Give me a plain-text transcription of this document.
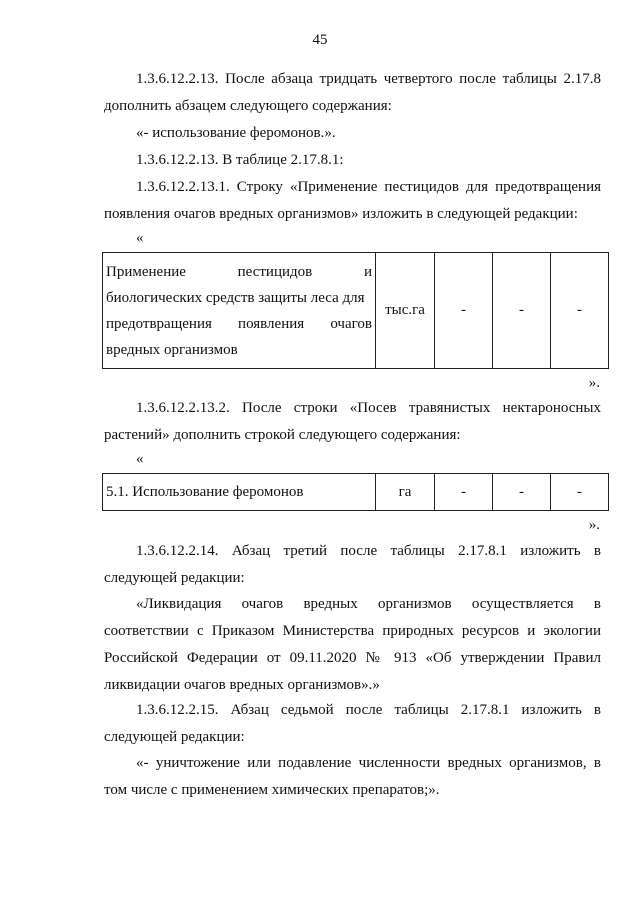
45
1.3.6.12.2.13. После абзаца тридцать четвертого после таблицы 2.17.8
дополнить абзацем следующего содержания:
«- использование феромонов.».
1.3.6.12.2.13. В таблице 2.17.8.1:
1.3.6.12.2.13.1. Строку «Применение пестицидов для предотвращения
появления очагов вредных организмов» изложить в следующей редакции:
«
Применение пестицидов и
биологических средств защиты леса для
предотвращения появления очагов
вредных организмов
	тыс.га	-	-	-
».
1.3.6.12.2.13.2. После строки «Посев травянистых нектароносных
растений» дополнить строкой следующего содержания:
«
5.1. Использование феромонов	га	-	-	-
».
1.3.6.12.2.14. Абзац третий после таблицы 2.17.8.1 изложить в
следующей редакции:
«Ликвидация очагов вредных организмов осуществляется в
соответствии с Приказом Министерства природных ресурсов и экологии
Российской Федерации от 09.11.2020 № 913 «Об утверждении Правил
ликвидации очагов вредных организмов».»
1.3.6.12.2.15. Абзац седьмой после таблицы 2.17.8.1 изложить в
следующей редакции:
«- уничтожение или подавление численности вредных организмов, в
том числе с применением химических препаратов;».
